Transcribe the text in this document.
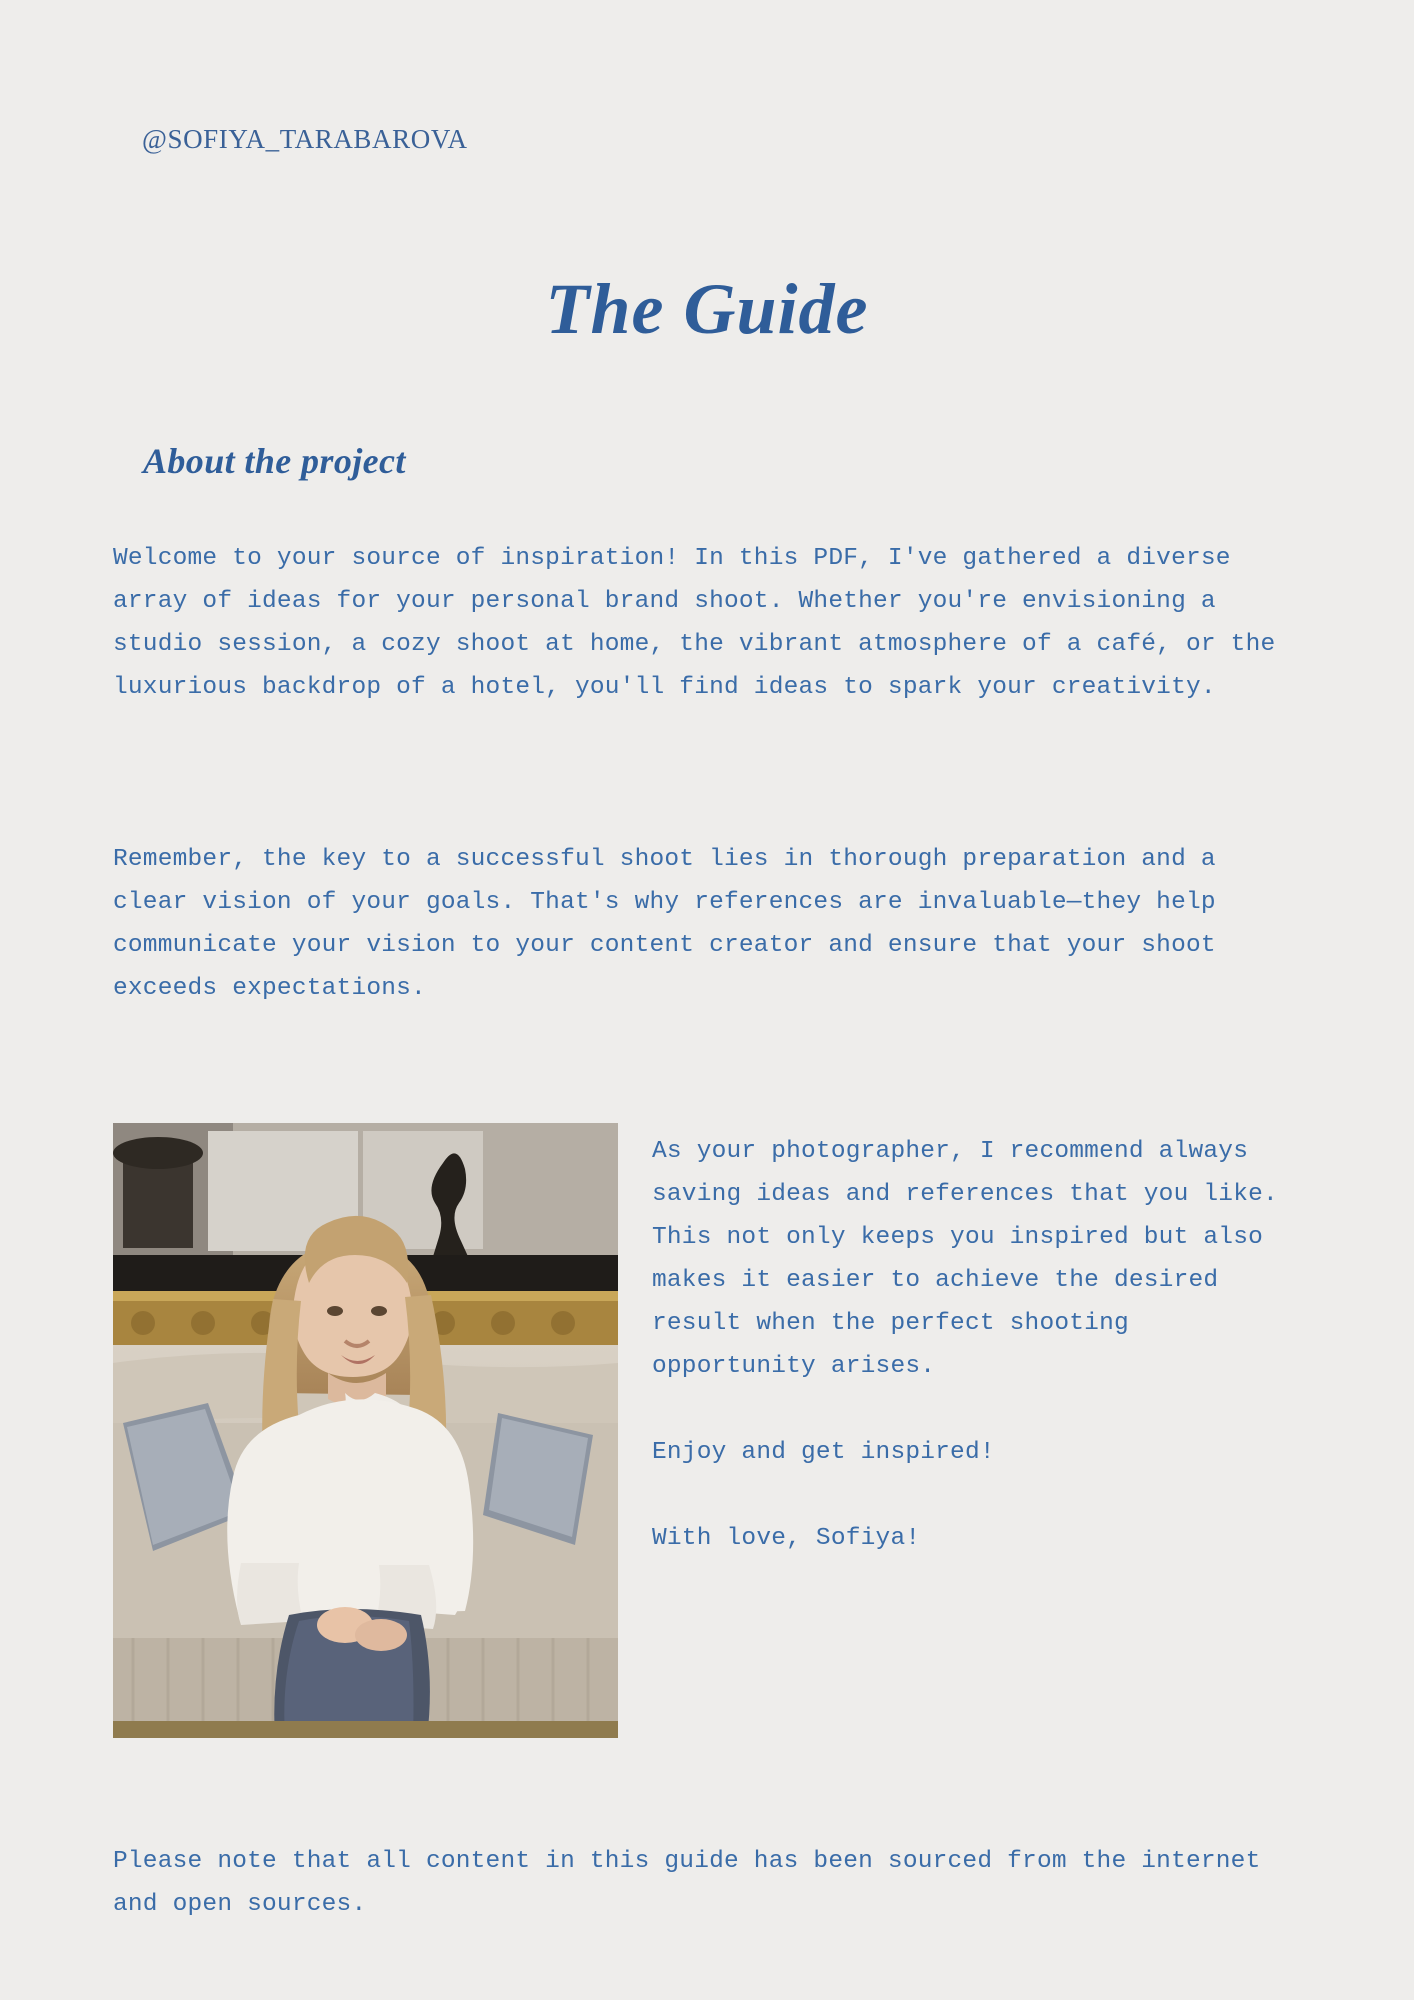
@SOFIYA_TARABAROVA
The Guide
About the project
Welcome to your source of inspiration! In this PDF, I've gathered a diverse array of ideas for your personal brand shoot. Whether you're envisioning a studio session, a cozy shoot at home, the vibrant atmosphere of a café, or the luxurious backdrop of a hotel, you'll find ideas to spark your creativity.
Remember, the key to a successful shoot lies in thorough preparation and a clear vision of your goals. That's why references are invaluable—they help communicate your vision to your content creator and ensure that your shoot exceeds expectations.
As your photographer, I recommend always saving ideas and references that you like. This not only keeps you inspired but also makes it easier to achieve the desired result when the perfect shooting opportunity arises.
Enjoy and get inspired!
With love, Sofiya!
Please note that all content in this guide has been sourced from the internet and open sources.
